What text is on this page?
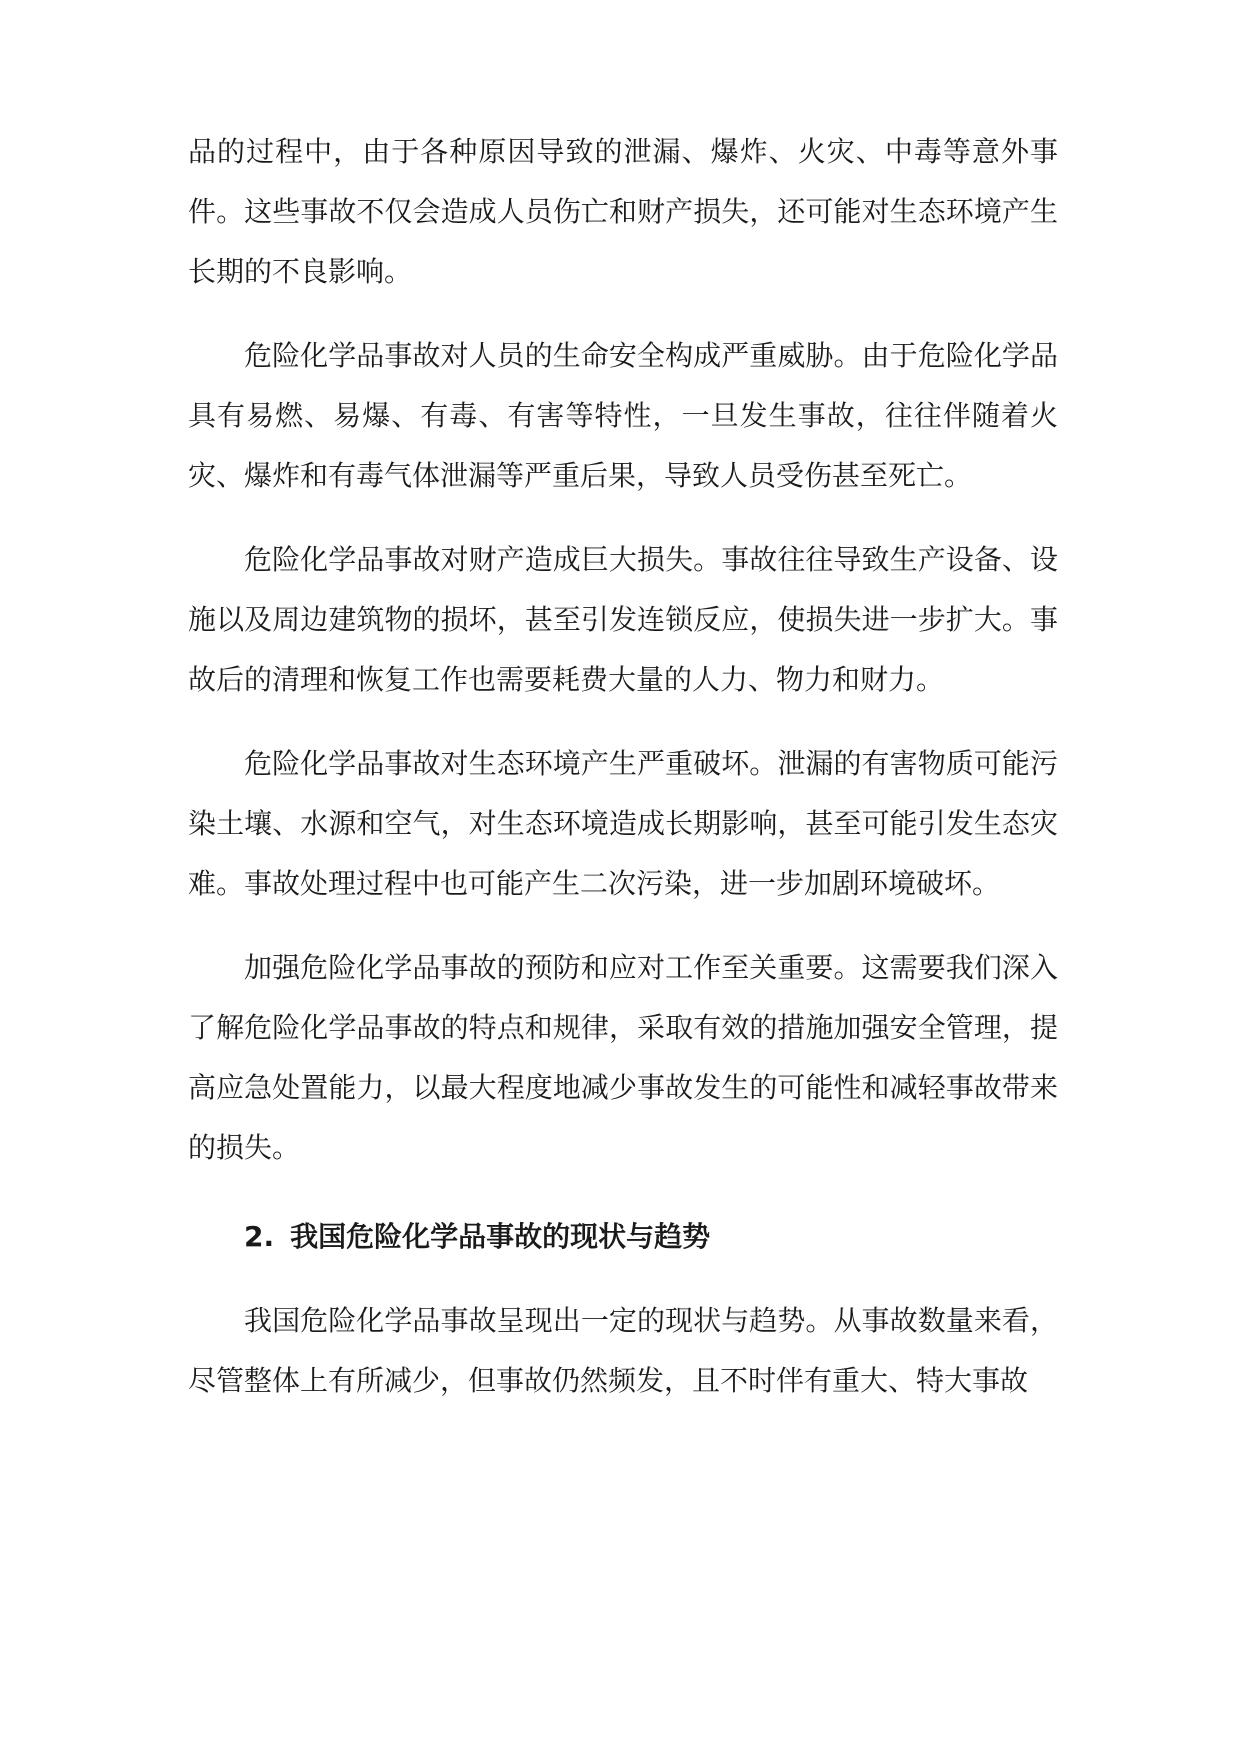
品的过程中，由于各种原因导致的泄漏、爆炸、火灾、中毒等意外事件。这些事故不仅会造成人员伤亡和财产损失，还可能对生态环境产生长期的不良影响。

危险化学品事故对人员的生命安全构成严重威胁。由于危险化学品具有易燃、易爆、有毒、有害等特性，一旦发生事故，往往伴随着火灾、爆炸和有毒气体泄漏等严重后果，导致人员受伤甚至死亡。

危险化学品事故对财产造成巨大损失。事故往往导致生产设备、设施以及周边建筑物的损坏，甚至引发连锁反应，使损失进一步扩大。事故后的清理和恢复工作也需要耗费大量的人力、物力和财力。

危险化学品事故对生态环境产生严重破坏。泄漏的有害物质可能污染土壤、水源和空气，对生态环境造成长期影响，甚至可能引发生态灾难。事故处理过程中也可能产生二次污染，进一步加剧环境破坏。

加强危险化学品事故的预防和应对工作至关重要。这需要我们深入了解危险化学品事故的特点和规律，采取有效的措施加强安全管理，提高应急处置能力，以最大程度地减少事故发生的可能性和减轻事故带来的损失。

2. 我国危险化学品事故的现状与趋势

我国危险化学品事故呈现出一定的现状与趋势。从事故数量来看，尽管整体上有所减少，但事故仍然频发，且不时伴有重大、特大事故
